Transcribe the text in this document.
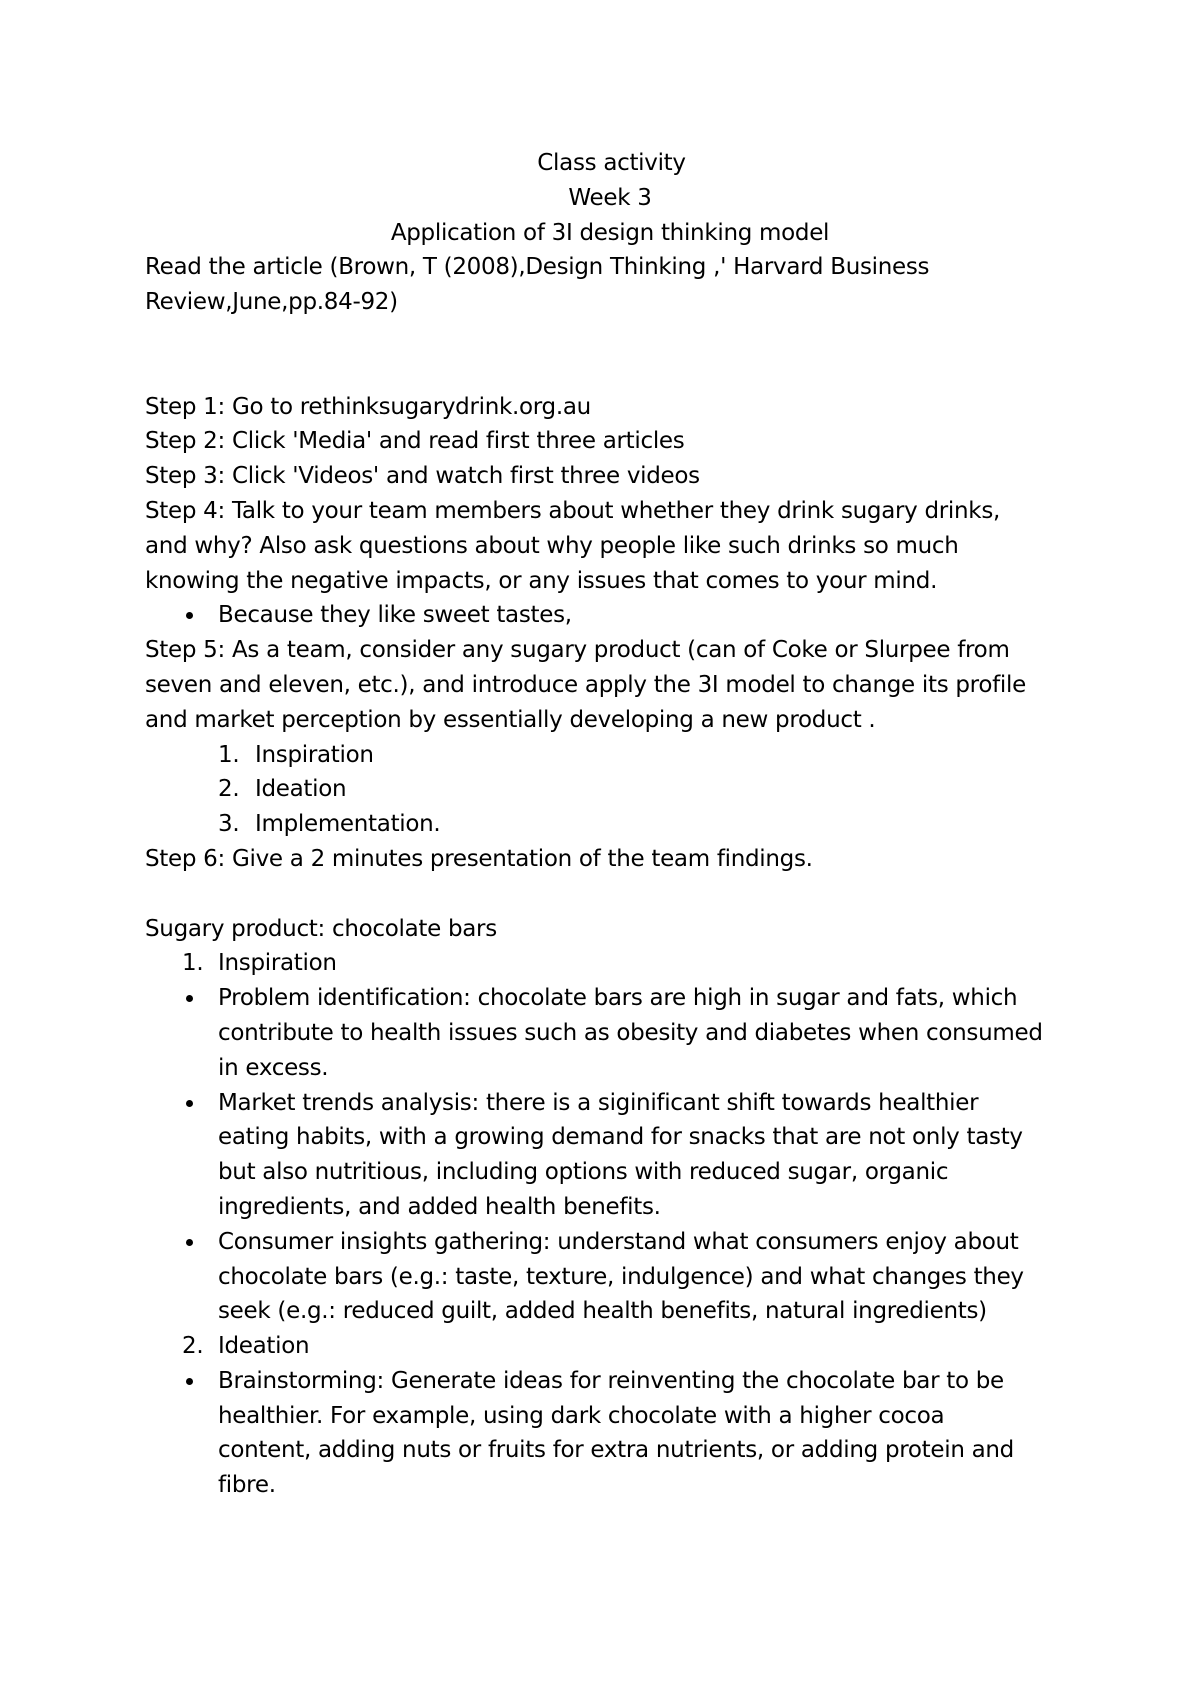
Class activity

Week 3

Application of 3I design thinking model

Read the article (Brown, T (2008),Design Thinking ,' Harvard Business

Review,June,pp.84-92)

Step 1: Go to rethinksugarydrink.org.au

Step 2: Click 'Media' and read first three articles

Step 3: Click 'Videos' and watch first three videos

Step 4: Talk to your team members about whether they drink sugary drinks,

and why? Also ask questions about why people like such drinks so much

knowing the negative impacts, or any issues that comes to your mind.

Because they like sweet tastes,

Step 5: As a team, consider any sugary product (can of Coke or Slurpee from

seven and eleven, etc.), and introduce apply the 3I model to change its profile

and market perception by essentially developing a new product .

1. Inspiration

2. Ideation

3. Implementation.

Step 6: Give a 2 minutes presentation of the team findings.

Sugary product: chocolate bars

1. Inspiration

Problem identification: chocolate bars are high in sugar and fats, which

contribute to health issues such as obesity and diabetes when consumed

in excess.

Market trends analysis: there is a siginificant shift towards healthier

eating habits, with a growing demand for snacks that are not only tasty

but also nutritious, including options with reduced sugar, organic

ingredients, and added health benefits.

Consumer insights gathering: understand what consumers enjoy about

chocolate bars (e.g.: taste, texture, indulgence) and what changes they

seek (e.g.: reduced guilt, added health benefits, natural ingredients)

2. Ideation

Brainstorming: Generate ideas for reinventing the chocolate bar to be

healthier. For example, using dark chocolate with a higher cocoa

content, adding nuts or fruits for extra nutrients, or adding protein and

fibre.
